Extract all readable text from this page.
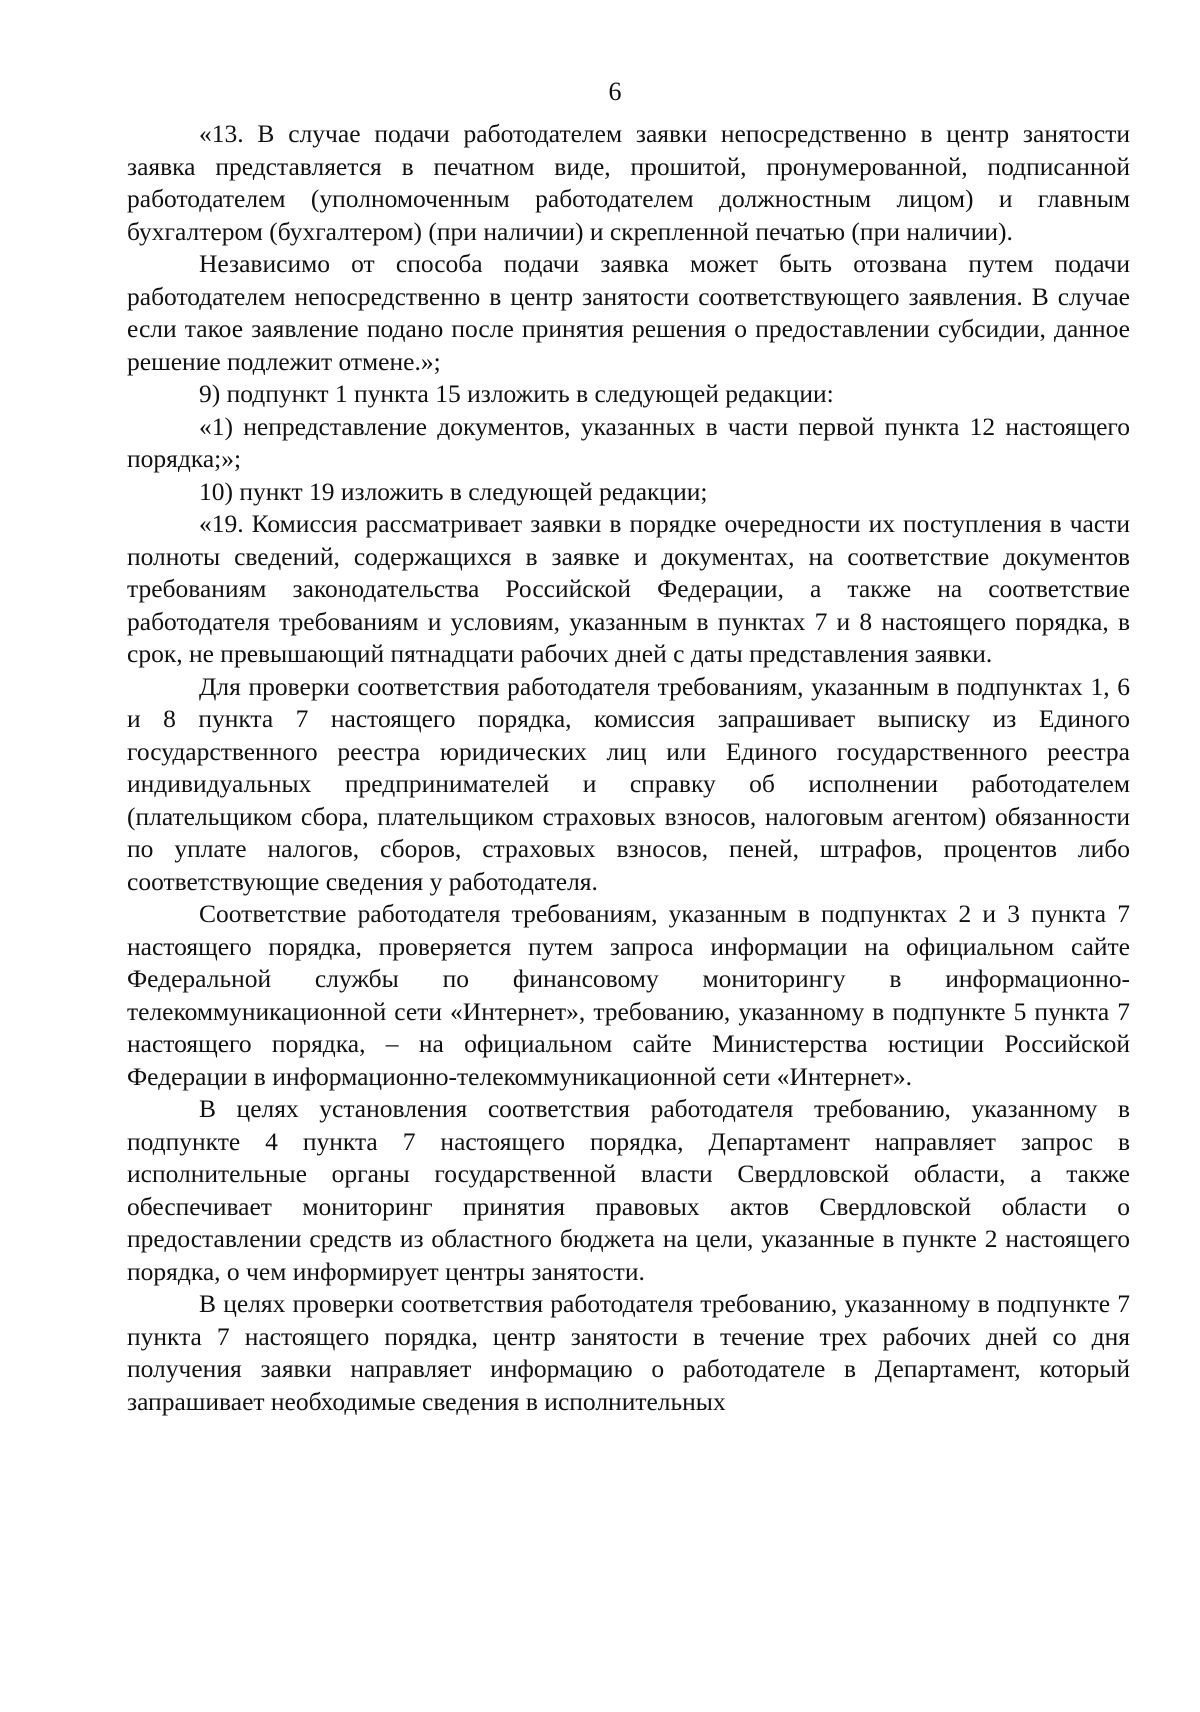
6

«13. В случае подачи работодателем заявки непосредственно в центр занятости заявка представляется в печатном виде, прошитой, пронумерованной, подписанной работодателем (уполномоченным работодателем должностным лицом) и главным бухгалтером (бухгалтером) (при наличии) и скрепленной печатью (при наличии).

Независимо от способа подачи заявка может быть отозвана путем подачи работодателем непосредственно в центр занятости соответствующего заявления. В случае если такое заявление подано после принятия решения о предоставлении субсидии, данное решение подлежит отмене.»;

9) подпункт 1 пункта 15 изложить в следующей редакции:

«1) непредставление документов, указанных в части первой пункта 12 настоящего порядка;»;

10) пункт 19 изложить в следующей редакции;

«19. Комиссия рассматривает заявки в порядке очередности их поступления в части полноты сведений, содержащихся в заявке и документах, на соответствие документов требованиям законодательства Российской Федерации, а также на соответствие работодателя требованиям и условиям, указанным в пунктах 7 и 8 настоящего порядка, в срок, не превышающий пятнадцати рабочих дней с даты представления заявки.

Для проверки соответствия работодателя требованиям, указанным в подпунктах 1, 6 и 8 пункта 7 настоящего порядка, комиссия запрашивает выписку из Единого государственного реестра юридических лиц или Единого государственного реестра индивидуальных предпринимателей и справку об исполнении работодателем (плательщиком сбора, плательщиком страховых взносов, налоговым агентом) обязанности по уплате налогов, сборов, страховых взносов, пеней, штрафов, процентов либо соответствующие сведения у работодателя.

Соответствие работодателя требованиям, указанным в подпунктах 2 и 3 пункта 7 настоящего порядка, проверяется путем запроса информации на официальном сайте Федеральной службы по финансовому мониторингу в информационно-телекоммуникационной сети «Интернет», требованию, указанному в подпункте 5 пункта 7 настоящего порядка, – на официальном сайте Министерства юстиции Российской Федерации в информационно-телекоммуникационной сети «Интернет».

В целях установления соответствия работодателя требованию, указанному в подпункте 4 пункта 7 настоящего порядка, Департамент направляет запрос в исполнительные органы государственной власти Свердловской области, а также обеспечивает мониторинг принятия правовых актов Свердловской области о предоставлении средств из областного бюджета на цели, указанные в пункте 2 настоящего порядка, о чем информирует центры занятости.

В целях проверки соответствия работодателя требованию, указанному в подпункте 7 пункта 7 настоящего порядка, центр занятости в течение трех рабочих дней со дня получения заявки направляет информацию о работодателе в Департамент, который запрашивает необходимые сведения в исполнительных
